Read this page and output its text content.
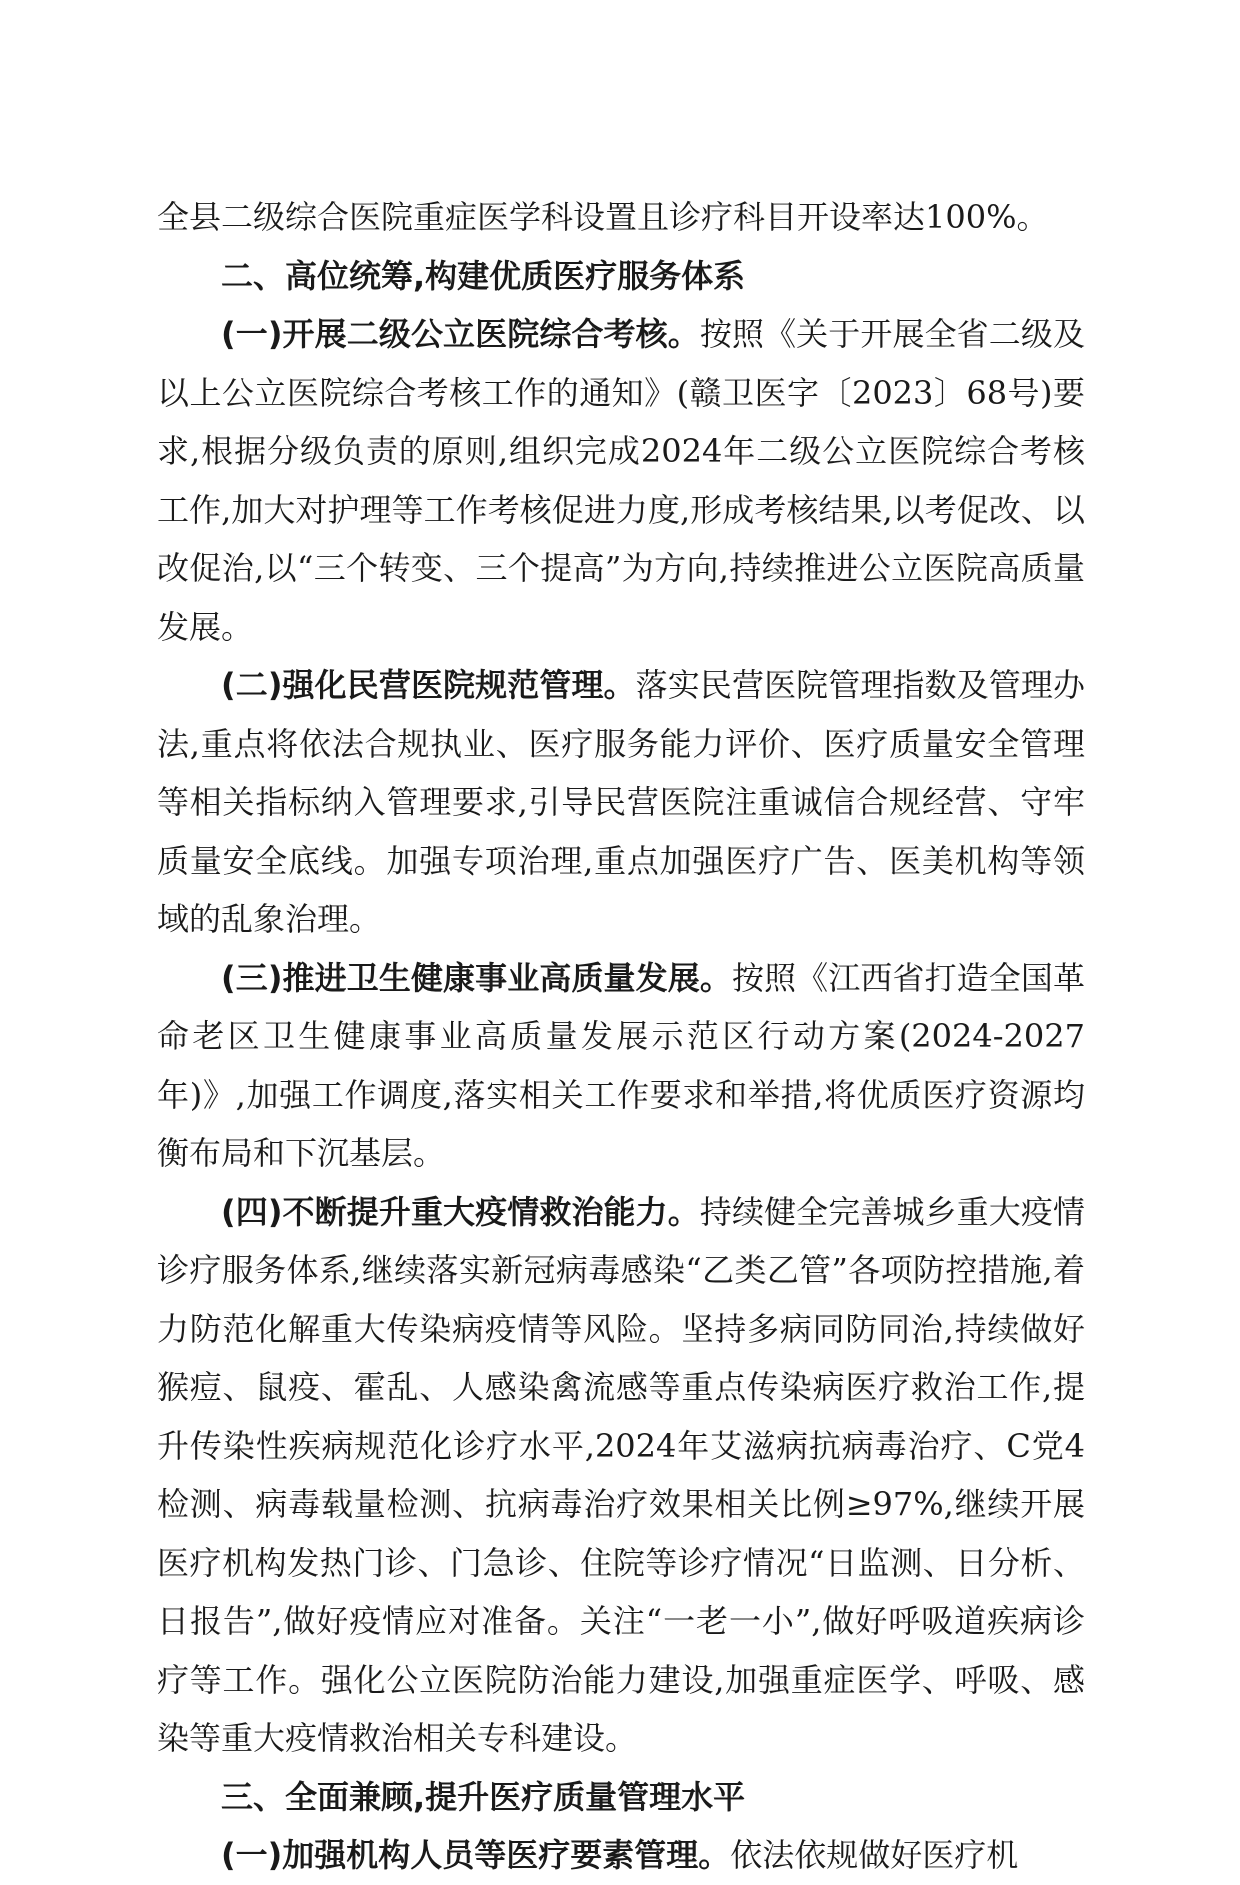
全县二级综合医院重症医学科设置且诊疗科目开设率达100%。

二、高位统筹,构建优质医疗服务体系

(一)开展二级公立医院综合考核。按照《关于开展全省二级及以上公立医院综合考核工作的通知》(赣卫医字〔2023〕68号)要求,根据分级负责的原则,组织完成2024年二级公立医院综合考核工作,加大对护理等工作考核促进力度,形成考核结果,以考促改、以改促治,以“三个转变、三个提高”为方向,持续推进公立医院高质量发展。

(二)强化民营医院规范管理。落实民营医院管理指数及管理办法,重点将依法合规执业、医疗服务能力评价、医疗质量安全管理等相关指标纳入管理要求,引导民营医院注重诚信合规经营、守牢质量安全底线。加强专项治理,重点加强医疗广告、医美机构等领域的乱象治理。

(三)推进卫生健康事业高质量发展。按照《江西省打造全国革命老区卫生健康事业高质量发展示范区行动方案(2024-2027年)》,加强工作调度,落实相关工作要求和举措,将优质医疗资源均衡布局和下沉基层。

(四)不断提升重大疫情救治能力。持续健全完善城乡重大疫情诊疗服务体系,继续落实新冠病毒感染“乙类乙管”各项防控措施,着力防范化解重大传染病疫情等风险。坚持多病同防同治,持续做好猴痘、鼠疫、霍乱、人感染禽流感等重点传染病医疗救治工作,提升传染性疾病规范化诊疗水平,2024年艾滋病抗病毒治疗、C党4检测、病毒载量检测、抗病毒治疗效果相关比例≥97%,继续开展医疗机构发热门诊、门急诊、住院等诊疗情况“日监测、日分析、日报告”,做好疫情应对准备。关注“一老一小”,做好呼吸道疾病诊疗等工作。强化公立医院防治能力建设,加强重症医学、呼吸、感染等重大疫情救治相关专科建设。

三、全面兼顾,提升医疗质量管理水平

(一)加强机构人员等医疗要素管理。依法依规做好医疗机
